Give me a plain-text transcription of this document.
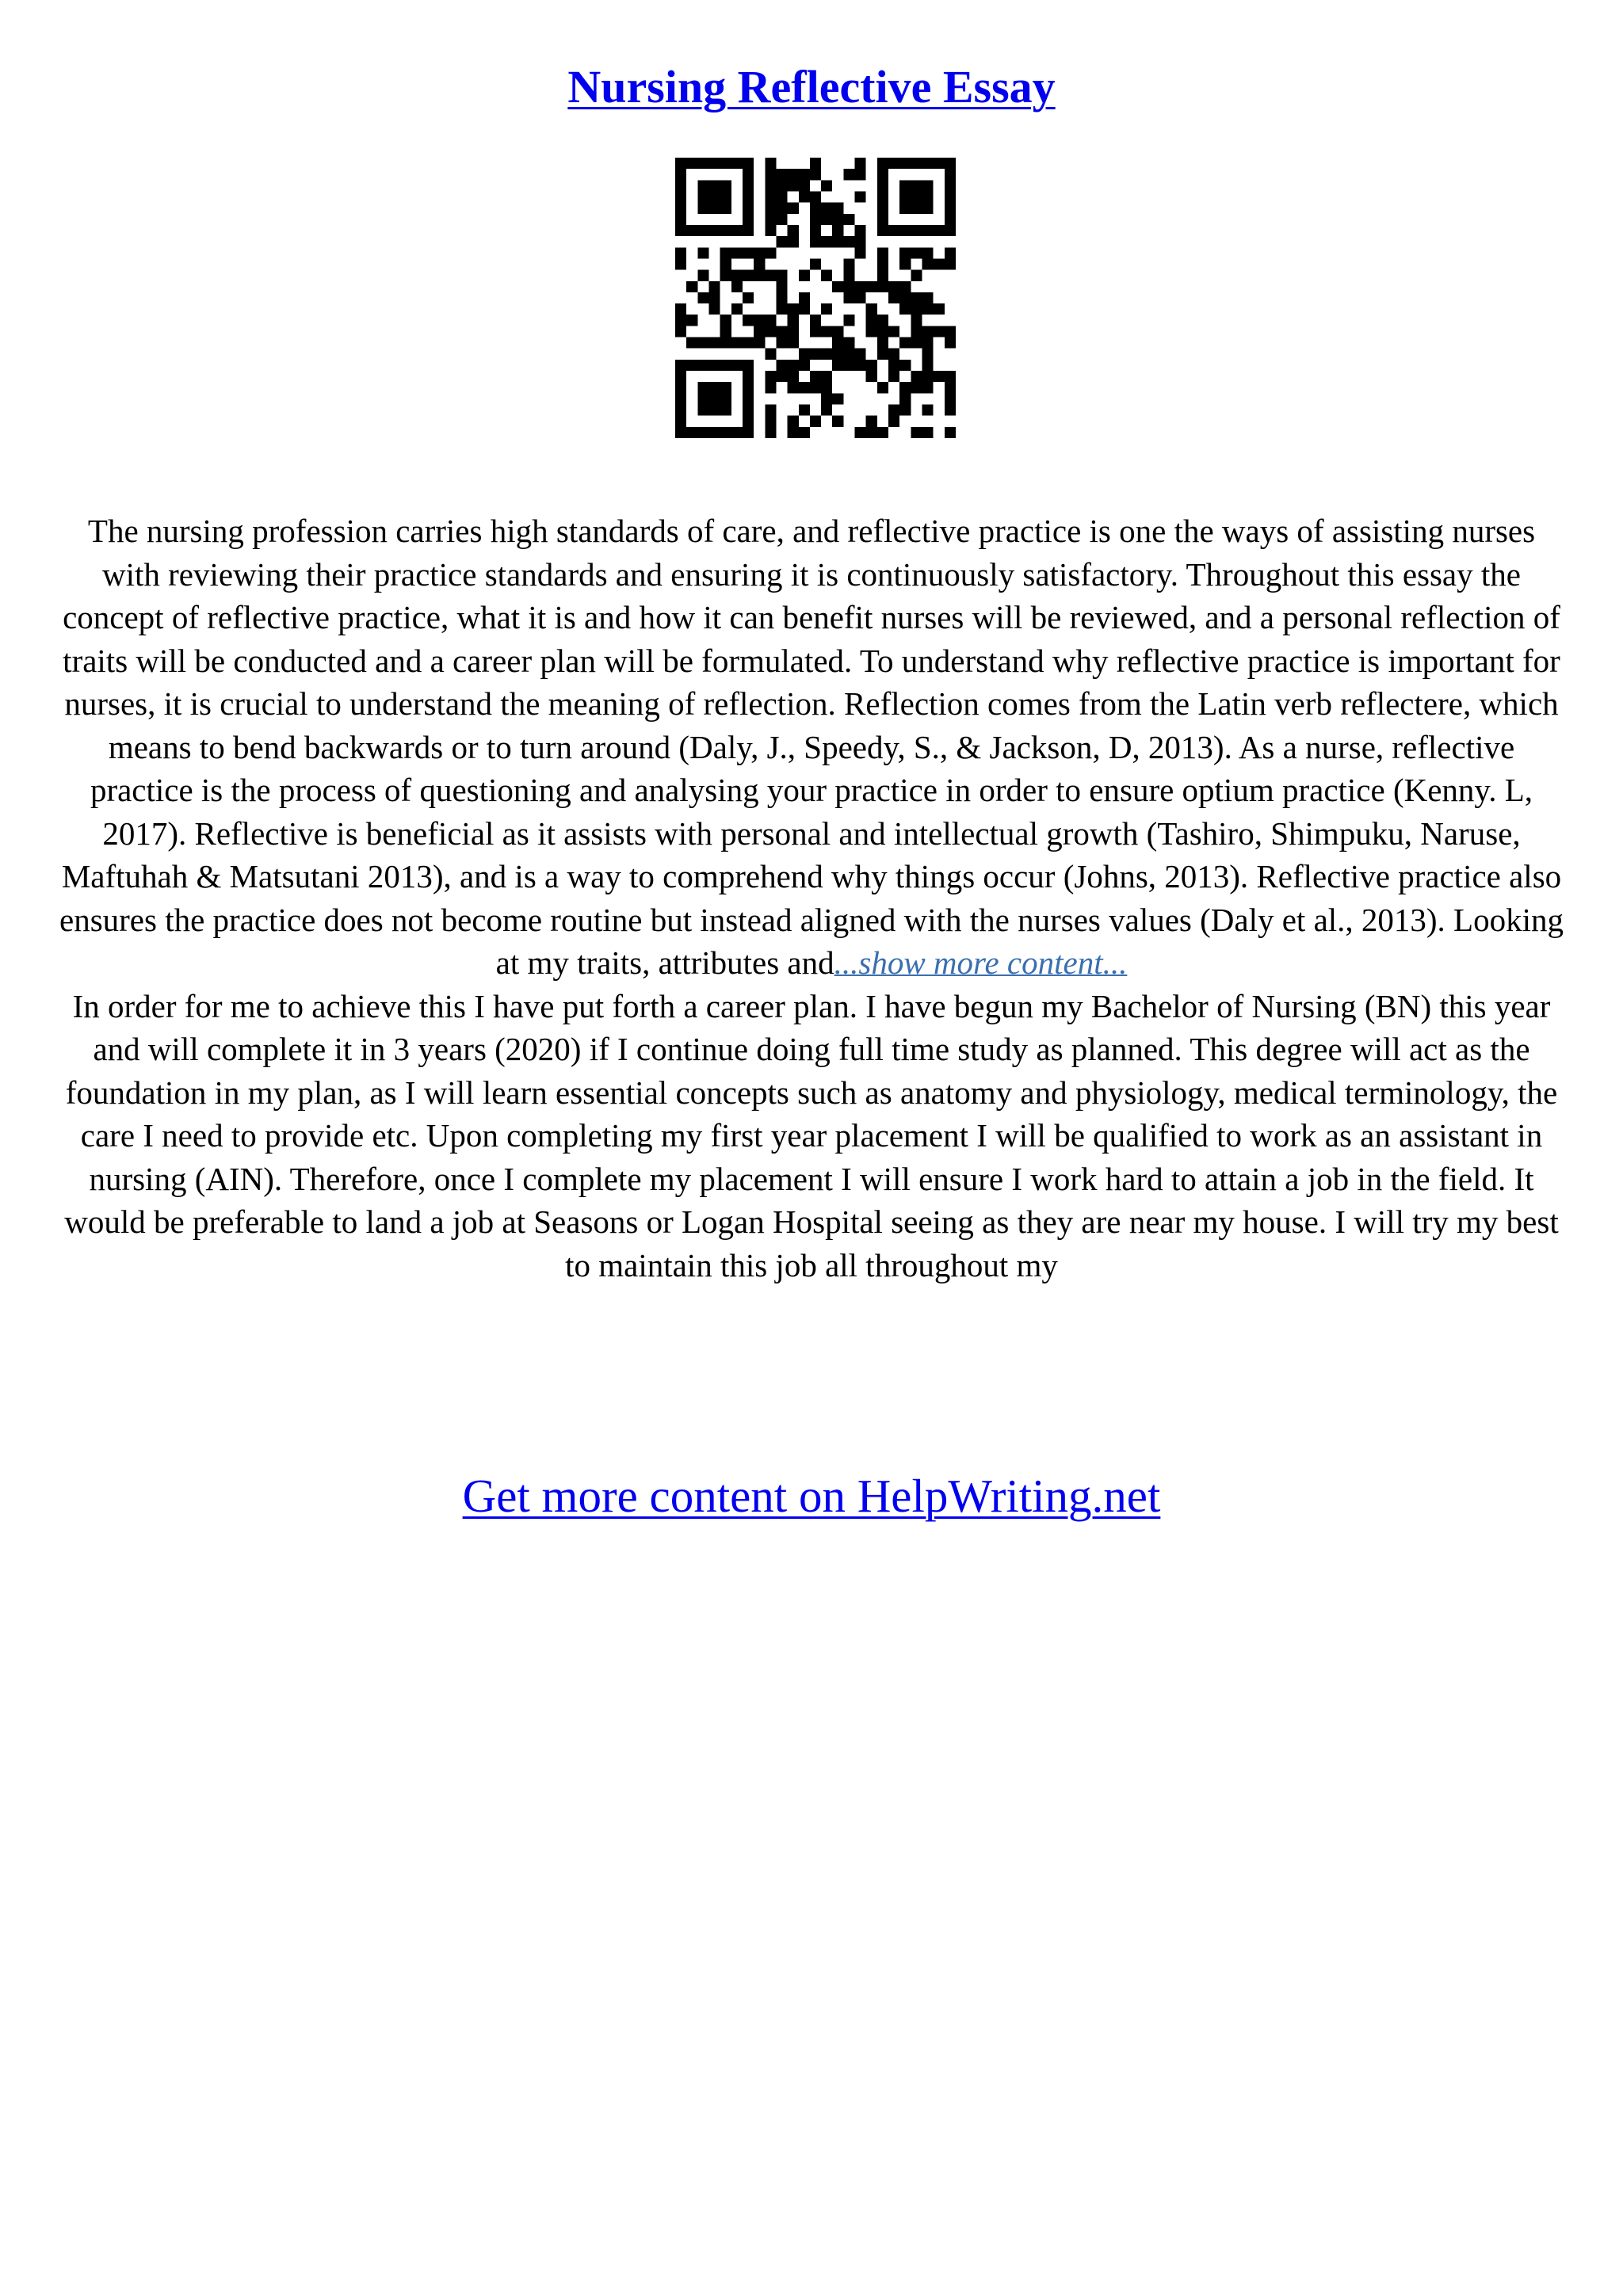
Nursing Reflective Essay

The nursing profession carries high standards of care, and reflective practice is one the ways of assisting nurses with reviewing their practice standards and ensuring it is continuously satisfactory. Throughout this essay the concept of reflective practice, what it is and how it can benefit nurses will be reviewed, and a personal reflection of traits will be conducted and a career plan will be formulated. To understand why reflective practice is important for nurses, it is crucial to understand the meaning of reflection. Reflection comes from the Latin verb reflectere, which means to bend backwards or to turn around (Daly, J., Speedy, S., & Jackson, D, 2013). As a nurse, reflective practice is the process of questioning and analysing your practice in order to ensure optium practice (Kenny. L, 2017). Reflective is beneficial as it assists with personal and intellectual growth (Tashiro, Shimpuku, Naruse, Maftuhah & Matsutani 2013), and is a way to comprehend why things occur (Johns, 2013). Reflective practice also ensures the practice does not become routine but instead aligned with the nurses values (Daly et al., 2013). Looking at my traits, attributes and...show more content...

In order for me to achieve this I have put forth a career plan. I have begun my Bachelor of Nursing (BN) this year and will complete it in 3 years (2020) if I continue doing full time study as planned. This degree will act as the foundation in my plan, as I will learn essential concepts such as anatomy and physiology, medical terminology, the care I need to provide etc. Upon completing my first year placement I will be qualified to work as an assistant in nursing (AIN). Therefore, once I complete my placement I will ensure I work hard to attain a job in the field. It would be preferable to land a job at Seasons or Logan Hospital seeing as they are near my house. I will try my best to maintain this job all throughout my

Get more content on HelpWriting.net
